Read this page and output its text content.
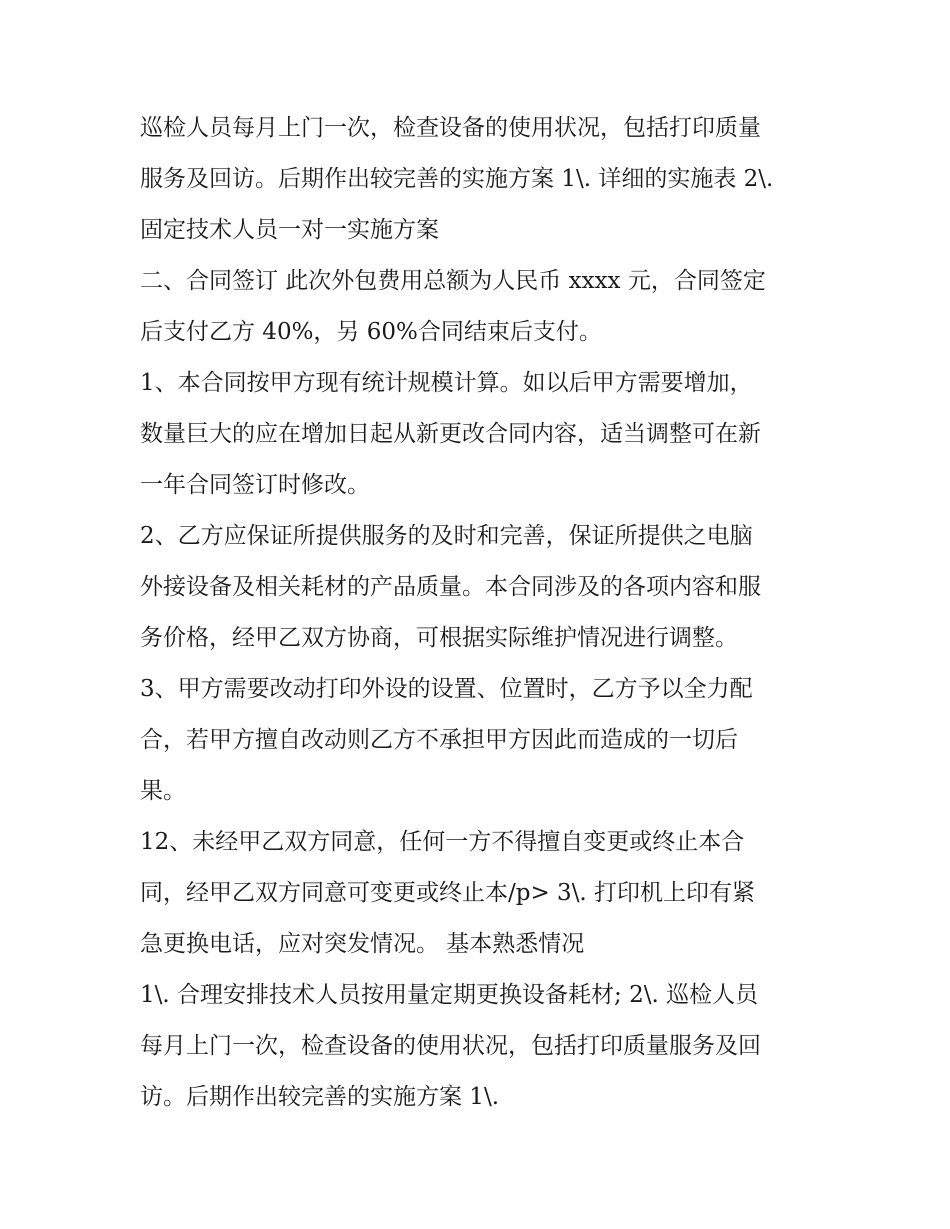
巡检人员每月上门一次，检查设备的使用状况，包括打印质量
服务及回访。后期作出较完善的实施方案 1\. 详细的实施表 2\.
固定技术人员一对一实施方案
二、合同签订 此次外包费用总额为人民币 xxxx 元，合同签定
后支付乙方 40%，另 60%合同结束后支付。
1、本合同按甲方现有统计规模计算。如以后甲方需要增加，
数量巨大的应在增加日起从新更改合同内容，适当调整可在新
一年合同签订时修改。
2、乙方应保证所提供服务的及时和完善，保证所提供之电脑
外接设备及相关耗材的产品质量。本合同涉及的各项内容和服
务价格，经甲乙双方协商，可根据实际维护情况进行调整。
3、甲方需要改动打印外设的设置、位置时，乙方予以全力配
合，若甲方擅自改动则乙方不承担甲方因此而造成的一切后
果。
12、未经甲乙双方同意，任何一方不得擅自变更或终止本合
同，经甲乙双方同意可变更或终止本/p> 3\. 打印机上印有紧
急更换电话，应对突发情况。 基本熟悉情况
1\. 合理安排技术人员按用量定期更换设备耗材; 2\. 巡检人员
每月上门一次，检查设备的使用状况，包括打印质量服务及回
访。后期作出较完善的实施方案 1\.
